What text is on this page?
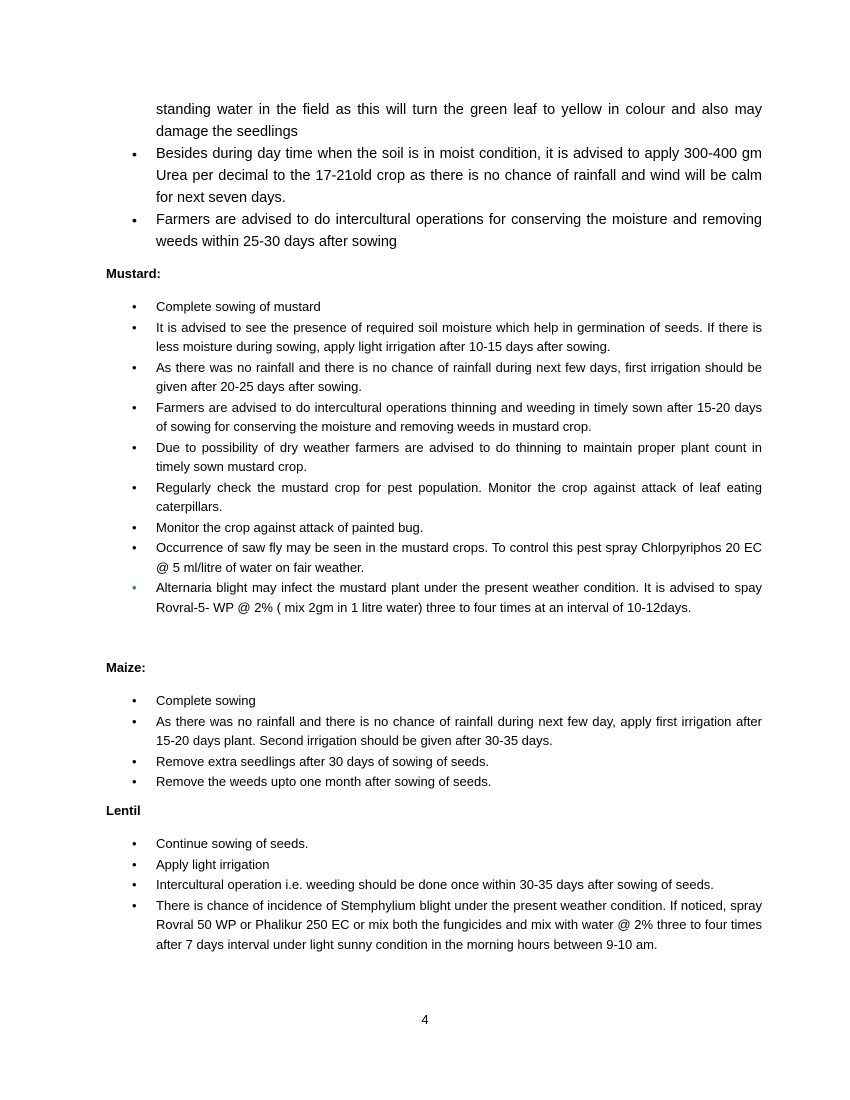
standing water in the field as this will turn the green leaf to yellow in colour and also may damage the seedlings
• Besides during day time when the soil is in moist condition, it is advised to apply 300-400 gm Urea per decimal to the 17-21old crop as there is no chance of rainfall and wind will be calm for next seven days.
• Farmers are advised to do intercultural operations for conserving the moisture and removing weeds within 25-30 days after sowing

Mustard:

• Complete sowing of mustard
• It is advised to see the presence of required soil moisture which help in germination of seeds. If there is less moisture during sowing, apply light irrigation after 10-15 days after sowing.
• As there was no rainfall and there is no chance of rainfall during next few days, first irrigation should be given after 20-25 days after sowing.
• Farmers are advised to do intercultural operations thinning and weeding in timely sown after 15-20 days of sowing for conserving the moisture and removing weeds in mustard crop.
• Due to possibility of dry weather farmers are advised to do thinning to maintain proper plant count in timely sown mustard crop.
• Regularly check the mustard crop for pest population. Monitor the crop against attack of leaf eating caterpillars.
• Monitor the crop against attack of painted bug.
• Occurrence of saw fly may be seen in the mustard crops. To control this pest spray Chlorpyriphos 20 EC @ 5 ml/litre of water on fair weather.
• Alternaria blight may infect the mustard plant under the present weather condition. It is advised to spay Rovral-5- WP @ 2% ( mix 2gm in 1 litre water) three to four times at an interval of 10-12days.

Maize:

• Complete sowing
• As there was no rainfall and there is no chance of rainfall during next few day, apply first irrigation after 15-20 days plant. Second irrigation should be given after 30-35 days.
• Remove extra seedlings after 30 days of sowing of seeds.
• Remove the weeds upto one month after sowing of seeds.

Lentil

• Continue sowing of seeds.
• Apply light irrigation
• Intercultural operation i.e. weeding should be done once within 30-35 days after sowing of seeds.
• There is chance of incidence of Stemphylium blight under the present weather condition. If noticed, spray Rovral 50 WP or Phalikur 250 EC or mix both the fungicides and mix with water @ 2% three to four times after 7 days interval under light sunny condition in the morning hours between 9-10 am.
4
